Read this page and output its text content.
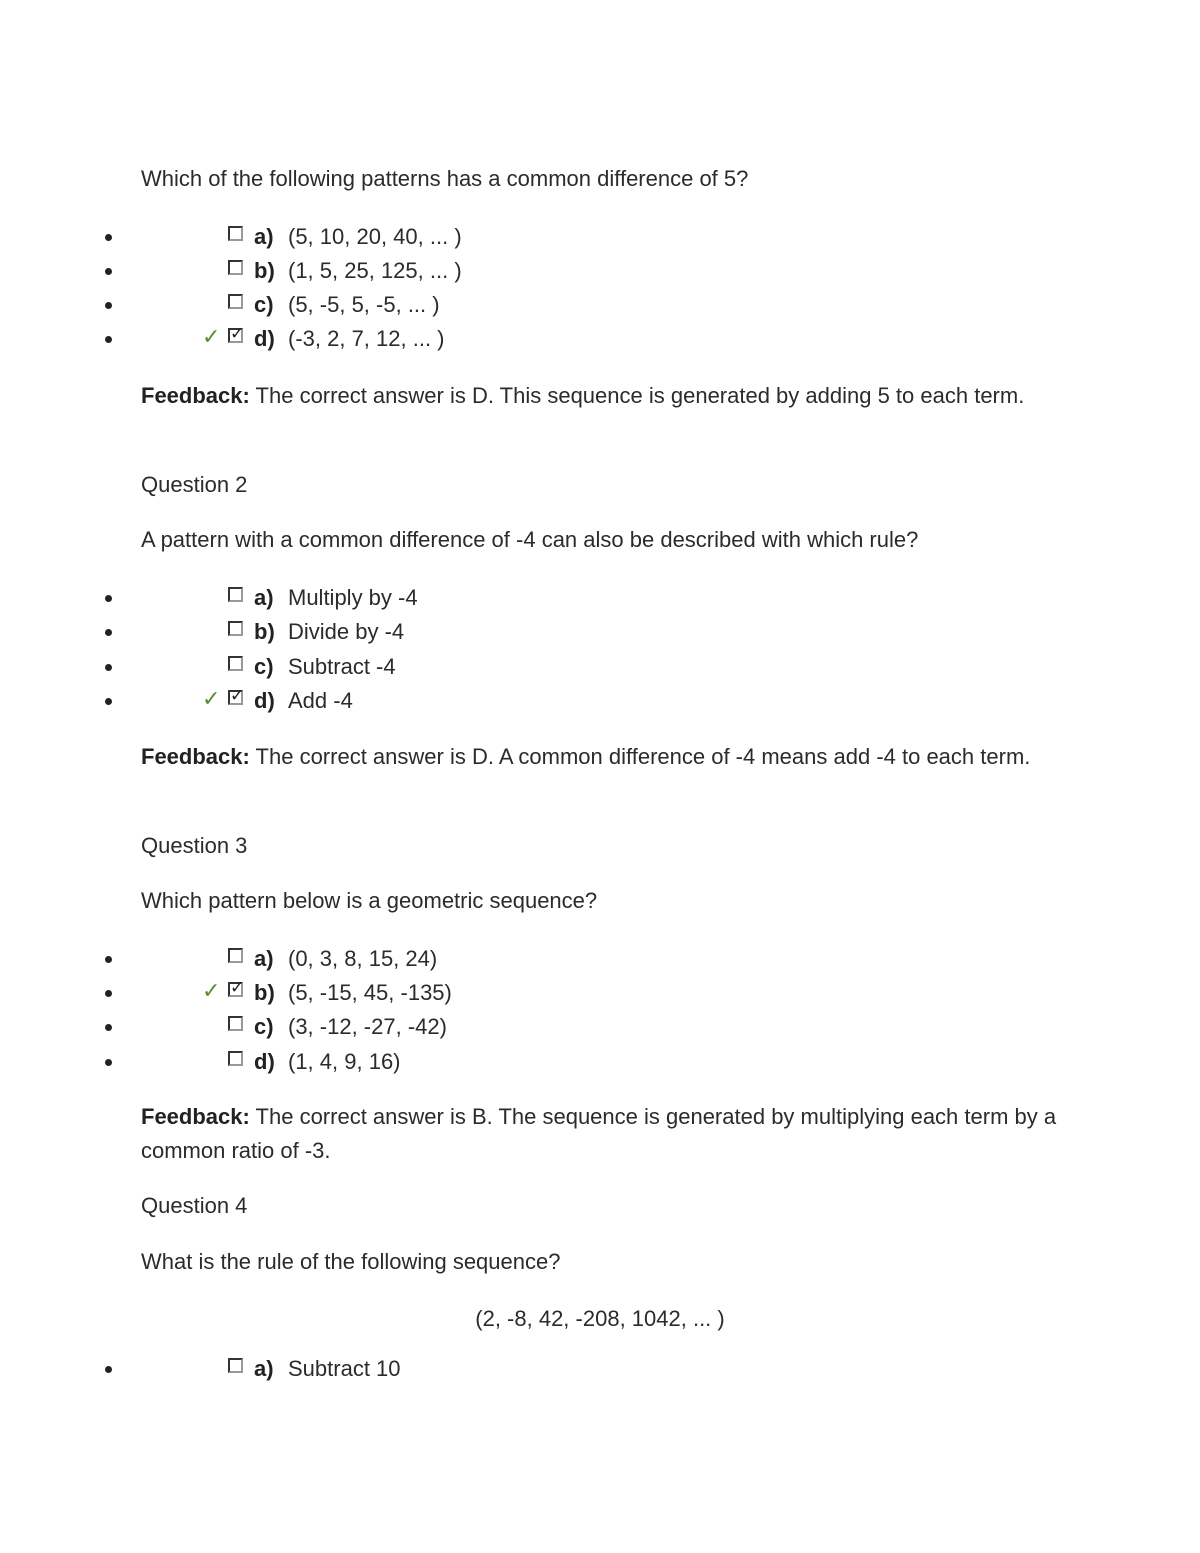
Which of the following patterns has a common difference of 5?

a) (5, 10, 20, 40, ... )
b) (1, 5, 25, 125, ... )
c) (5, -5, 5, -5, ... )
✓ ✓ d) (-3, 2, 7, 12, ... )

Feedback: The correct answer is D. This sequence is generated by adding 5 to each term.

Question 2

A pattern with a common difference of -4 can also be described with which rule?

a) Multiply by -4
b) Divide by -4
c) Subtract -4
✓ ✓ d) Add -4

Feedback: The correct answer is D. A common difference of -4 means add -4 to each term.

Question 3

Which pattern below is a geometric sequence?

a) (0, 3, 8, 15, 24)
✓ ✓ b) (5, -15, 45, -135)
c) (3, -12, -27, -42)
d) (1, 4, 9, 16)

Feedback: The correct answer is B. The sequence is generated by multiplying each term by a common ratio of -3.

Question 4

What is the rule of the following sequence?

(2, -8, 42, -208, 1042, ... )

a) Subtract 10
